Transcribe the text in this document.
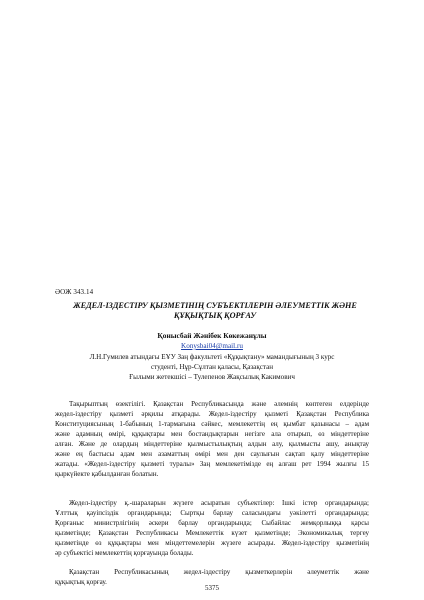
ӘОЖ 343.14
ЖЕДЕЛ-ІЗДЕСТІРУ ҚЫЗМЕТІНІҢ СУБЪЕКТІЛЕРІН ӘЛЕУМЕТТІК ЖӘНЕ
ҚҰҚЫҚТЫҚ ҚОРҒАУ
Қонысбай Жәнібек Көкежанұлы
Konysbai04@mail.ru
Л.Н.Гумилев атындағы ЕҰУ Заң факультеті «Құқықтану» мамандығының 3 курс
студенті, Нұр-Сұлтан қаласы, Қазақстан
Ғылыми жетекшісі – Тулепенов Жақсылық Какимович
Тақырыптың өзектілігі. Қазақстан Республикасында және әлемнің көптеген елдерінде
жедел-іздестіру қызметі әрқилы атқарады. Жедел-іздестіру қызметі Қазақстан Республика
Конституциясының 1-бабының 1-тармағына сәйкес, мемлекеттің ең қымбат қазынасы – адам
және адамның өмірі, құқықтары мен бостандықтарын негізге ала отырып, өз міндеттеріне
алған. Және де олардың міндеттеріне қылмыстылықтың алдын алу, қылмысты ашу, анықтау
және ең бастысы адам мен азаматтың өмірі мен ден саулығын сақтап қалу міндеттеріне
жатады. «Жедел-іздестіру қызметі туралы» Заң мемлекетімізде ең алғаш рет 1994 жылғы 15
қыркүйекте қабылданған болатын.
Жедел-іздестіру қ.-шараларын жүзеге асыратын субъектілер: Ішкі істер органдарында;
Ұлттық қауіпсіздік органдарында; Сыртқы барлау саласындағы уәкілетті органдарында;
Қорғаныс министрлігінің әскери барлау органдарында; Сыбайлас жемқорлыққа қарсы
қызметінде; Қазақстан Республикасы Мемлекеттік күзет қызметінде; Экономикалық тергеу
қызметінде өз құқықтары мен міндеттемелерін жүзеге асырады. Жедел-іздестіру қызметінің
әр субъектісі мемлекеттің қорғауында болады.
Қазақстан Республикасының жедел-іздестіру қызметкерлерін әлеуметтік және
құқықтық қорғау.
5375
